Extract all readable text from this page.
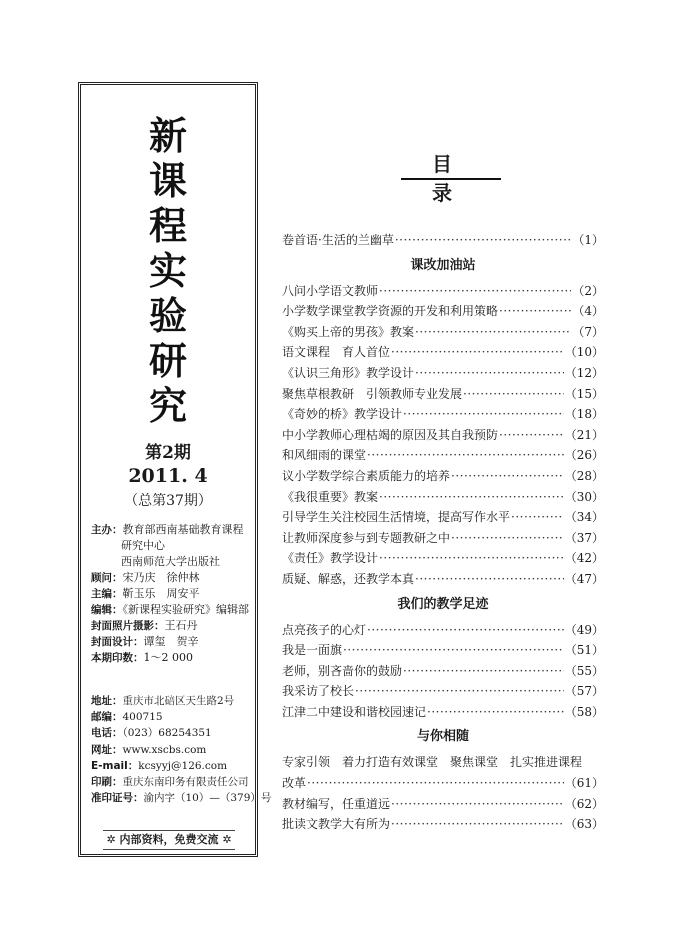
新
课
程
实
验
研
究
第2期
2011. 4
（总第37期）
主办：教育部西南基础教育课程
研究中心
西南师范大学出版社
顾问：宋乃庆　徐仲林
主编：靳玉乐　周安平
编辑：《新课程实验研究》编辑部
封面照片摄影：王石丹
封面设计：谭玺　贺辛
本期印数：1～2 000
地址：重庆市北碚区天生路2号
邮编：400715
电话：（023）68254351
网址：www.xscbs.com
E-mail：kcsyyj@126.com
印刷：重庆东南印务有限责任公司
准印证号：渝内字（10）—（379）号
✲ 内部资料，免费交流 ✲
目录
卷首语·生活的兰幽草 ·····	（1）
课改加油站
八问小学语文教师 ·····	（2）
小学数学课堂教学资源的开发和利用策略 ·····	（4）
《购买上帝的男孩》教案 ·····	（7）
语文课程　育人首位 ·····	（10）
《认识三角形》教学设计 ·····	（12）
聚焦草根教研　引领教师专业发展 ·····	（15）
《奇妙的桥》教学设计 ·····	（18）
中小学教师心理枯竭的原因及其自我预防 ·····	（21）
和风细雨的课堂 ·····	（26）
议小学数学综合素质能力的培养 ·····	（28）
《我很重要》教案 ·····	（30）
引导学生关注校园生活情境，提高写作水平 ·····	（34）
让教师深度参与到专题教研之中 ·····	（37）
《责任》教学设计 ·····	（42）
质疑、解惑，还教学本真 ·····	（47）
我们的教学足迹
点亮孩子的心灯 ·····	（49）
我是一面旗 ·····	（51）
老师，别吝啬你的鼓励 ·····	（55）
我采访了校长 ·····	（57）
江津二中建设和谐校园速记 ·····	（58）
与你相随
专家引领　着力打造有效课堂　聚焦课堂　扎实推进课程
改革 ·····	（61）
教材编写，任重道远 ·····	（62）
批读文教学大有所为 ·····	（63）
